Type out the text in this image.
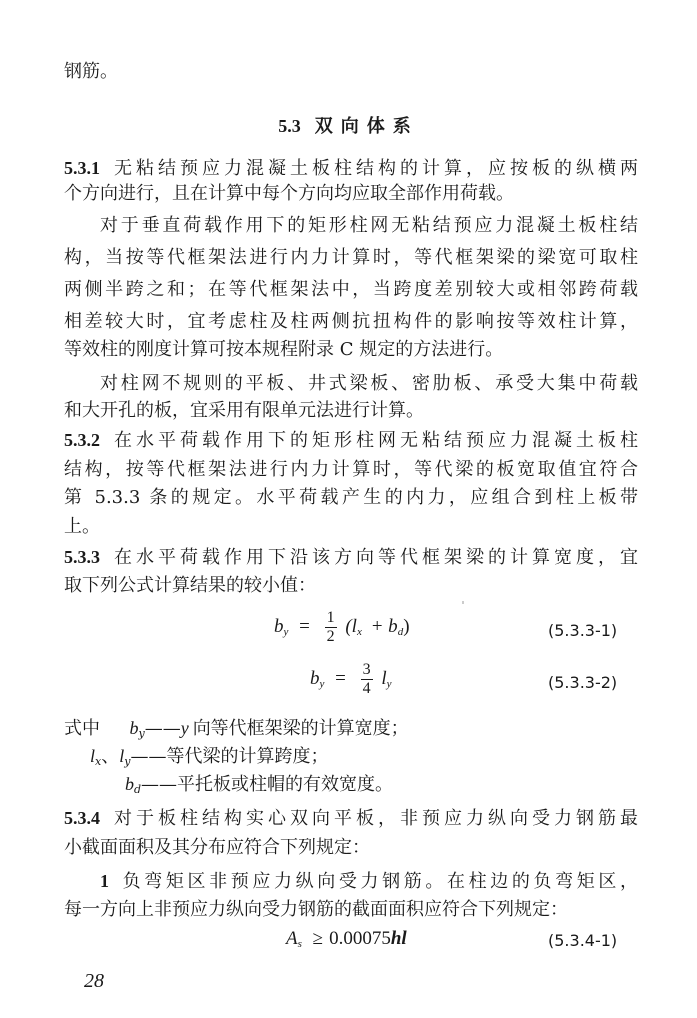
钢筋。
5.3 双向体系
5.3.1 无粘结预应力混凝土板柱结构的计算，应按板的纵横两
个方向进行，且在计算中每个方向均应取全部作用荷载。
对于垂直荷载作用下的矩形柱网无粘结预应力混凝土板柱结
构，当按等代框架法进行内力计算时，等代框架梁的梁宽可取柱
两侧半跨之和；在等代框架法中，当跨度差别较大或相邻跨荷载
相差较大时，宜考虑柱及柱两侧抗扭构件的影响按等效柱计算，
等效柱的刚度计算可按本规程附录 C 规定的方法进行。
对柱网不规则的平板、井式梁板、密肋板、承受大集中荷载
和大开孔的板，宜采用有限单元法进行计算。
5.3.2 在水平荷载作用下的矩形柱网无粘结预应力混凝土板柱
结构，按等代框架法进行内力计算时，等代梁的板宽取值宜符合
第 5.3.3 条的规定。水平荷载产生的内力，应组合到柱上板带
上。
5.3.3 在水平荷载作用下沿该方向等代框架梁的计算宽度，宜
取下列公式计算结果的较小值：
$b_y = \frac{1}{2} (l_x + b_d)$	(5.3.3-1)
$b_y = \frac{3}{4} l_y$	(5.3.3-2)
式中 $b_y——y$ 向等代框架梁的计算宽度；
$l_x$、$l_y——$等代梁的计算跨度；
$b_d——$平托板或柱帽的有效宽度。
5.3.4 对于板柱结构实心双向平板，非预应力纵向受力钢筋最
小截面面积及其分布应符合下列规定：
1 负弯矩区非预应力纵向受力钢筋。在柱边的负弯矩区，
每一方向上非预应力纵向受力钢筋的截面面积应符合下列规定：
$A_s \ge 0.00075hl$	(5.3.4-1)
28
